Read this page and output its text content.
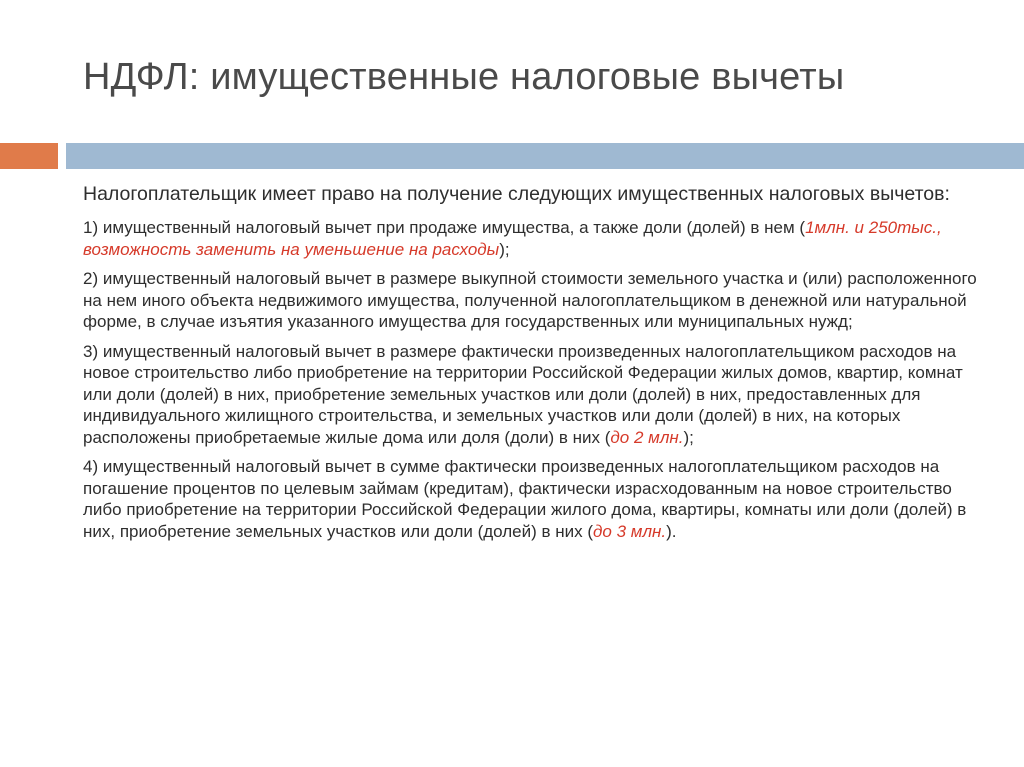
НДФЛ: имущественные налоговые вычеты

Налогоплательщик имеет право на получение следующих имущественных налоговых вычетов:

1) имущественный налоговый вычет при продаже имущества, а также доли (долей) в нем (1млн. и 250тыс., возможность заменить на уменьшение на расходы);

2) имущественный налоговый вычет в размере выкупной стоимости земельного участка и (или) расположенного на нем иного объекта недвижимого имущества, полученной налогоплательщиком в денежной или натуральной форме, в случае изъятия указанного имущества для государственных или муниципальных нужд;

3) имущественный налоговый вычет в размере фактически произведенных налогоплательщиком расходов на новое строительство либо приобретение на территории Российской Федерации жилых домов, квартир, комнат или доли (долей) в них, приобретение земельных участков или доли (долей) в них, предоставленных для индивидуального жилищного строительства, и земельных участков или доли (долей) в них, на которых расположены приобретаемые жилые дома или доля (доли) в них (до 2 млн.);

4) имущественный налоговый вычет в сумме фактически произведенных налогоплательщиком расходов на погашение процентов по целевым займам (кредитам), фактически израсходованным на новое строительство либо приобретение на территории Российской Федерации жилого дома, квартиры, комнаты или доли (долей) в них, приобретение земельных участков или доли (долей) в них (до 3 млн.).
